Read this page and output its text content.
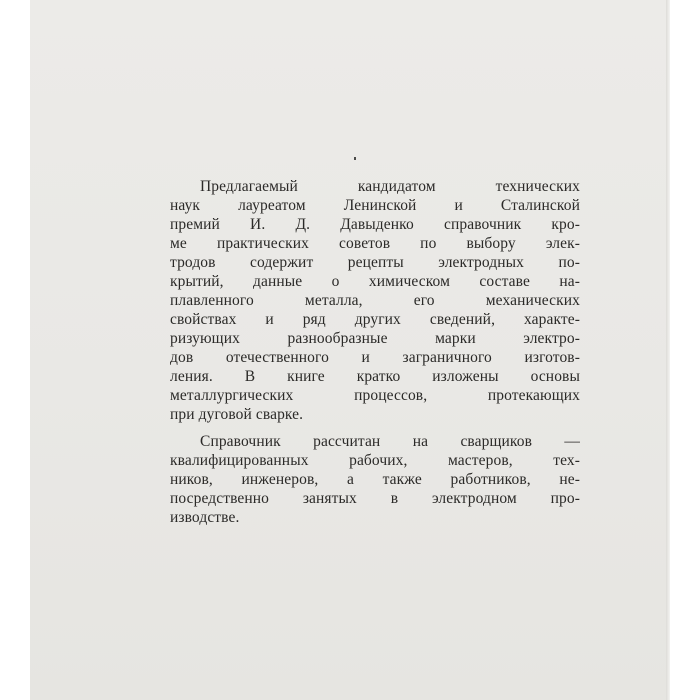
Предлагаемый кандидатом технических
наук лауреатом Ленинской и Сталинской
премий И. Д. Давыденко справочник кро-
ме практических советов по выбору элек-
тродов содержит рецепты электродных по-
крытий, данные о химическом составе на-
плавленного металла, его механических
свойствах и ряд других сведений, характе-
ризующих разнообразные марки электро-
дов отечественного и заграничного изготов-
ления. В книге кратко изложены основы
металлургических процессов, протекающих
при дуговой сварке.
Справочник рассчитан на сварщиков —
квалифицированных рабочих, мастеров, тех-
ников, инженеров, а также работников, не-
посредственно занятых в электродном про-
изводстве.
